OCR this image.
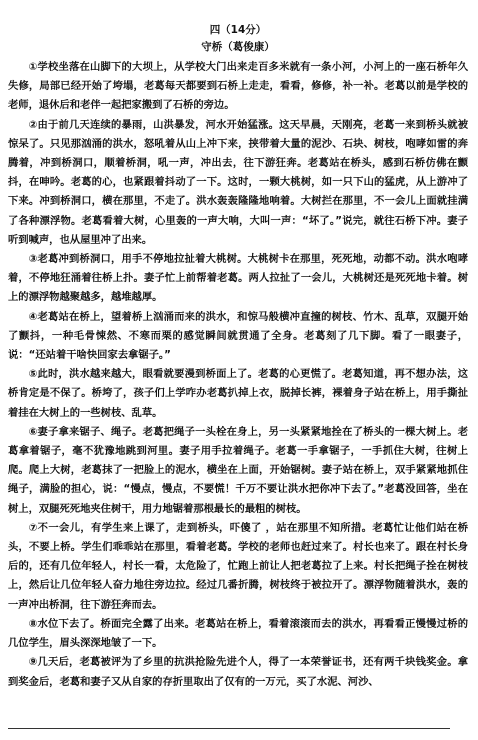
四（14分）
守桥（葛俊康）

①学校坐落在山脚下的大坝上，从学校大门出来走百多米就有一条小河，小河上的一座石桥年久失修，局部已经开始了垮塌，老葛每天都要到石桥上走走，看看，修修，补一补。老葛以前是学校的老师，退休后和老伴一起把家搬到了石桥的旁边。

②由于前几天连续的暴雨，山洪暴发，河水开始猛涨。这天早晨，天刚亮，老葛一来到桥头就被惊呆了。只见那汹涌的洪水，怒吼着从山上冲下来，挟带着大量的泥沙、石块、树枝，咆哮如雷的奔腾着，冲到桥洞口，顺着桥洞，吼一声，冲出去，往下游狂奔。老葛站在桥头，感到石桥仿佛在颤抖，在呻吟。老葛的心，也紧跟着抖动了一下。这时，一颗大桃树，如一只下山的猛虎，从上游冲了下来。冲到桥洞口，横在那里，不走了。洪水轰轰隆隆地响着。大树拦在那里，不一会儿上面就挂满了各种漂浮物。老葛看着大树，心里轰的一声大响，大叫一声：“坏了。”说完，就往石桥下冲。妻子听到喊声，也从屋里冲了出来。

③老葛冲到桥洞口，用手不停地拉扯着大桃树。大桃树卡在那里，死死地，动都不动。洪水咆哮着，不停地狂涌着往桥上扑。妻子忙上前帮着老葛。两人拉扯了一会儿，大桃树还是死死地卡着。树上的漂浮物越聚越多，越堆越厚。

④老葛站在桥上，望着桥上汹涌而来的洪水，和惊马般横冲直撞的树枝、竹木、乱草，双腿开始了颤抖，一种毛骨悚然、不寒而栗的感觉瞬间就贯通了全身。老葛刻了几下脚。看了一眼妻子，说：“还站着干啥快回家去拿锯子。”

⑤此时，洪水越来越大，眼看就要漫到桥面上了。老葛的心更慌了。老葛知道，再不想办法，这桥肯定是不保了。桥垮了，孩子们上学咋办老葛扒掉上衣，脱掉长裤，裸着身子站在桥上，用手撕扯着挂在大树上的一些树枝、乱草。

⑥妻子拿来锯子、绳子。老葛把绳子一头栓在身上，另一头紧紧地拴在了桥头的一棵大树上。老葛拿着锯子，毫不犹豫地跳到河里。妻子用手拉着绳子。老葛一手拿锯子，一手抓住大树，往树上爬。爬上大树，老葛抹了一把脸上的泥水，横坐在上面，开始锯树。妻子站在桥上，双手紧紧地抓住绳子，满脸的担心，说：“慢点，慢点，不要慌！千万不要让洪水把你冲下去了。”老葛没回答，坐在树上，双腿死死地夹住树干，用力地锯着那根最长的最粗的树枝。

⑦不一会儿，有学生来上课了，走到桥头，吓傻了 ，站在那里不知所措。老葛忙让他们站在桥头，不要上桥。学生们乖乖站在那里，看着老葛。学校的老师也赶过来了。村长也来了。跟在村长身后的，还有几位年轻人，村长一看，太危险了，忙跑上前让人把老葛拉了上来。村长把绳子拴在树枝上，然后让几位年轻人奋力地往旁边拉。经过几番折腾，树枝终于被拉开了。漂浮物随着洪水，轰的一声冲出桥洞，往下游狂奔而去。

⑧水位下去了。桥面完全露了出来。老葛站在桥上，看着滚滚而去的洪水，再看看正慢慢过桥的几位学生，眉头深深地皱了一下。

⑨几天后，老葛被评为了乡里的抗洪抢险先进个人，得了一本荣誉证书，还有两千块钱奖金。拿到奖金后，老葛和妻子又从自家的存折里取出了仅有的一万元，买了水泥、河沙、
